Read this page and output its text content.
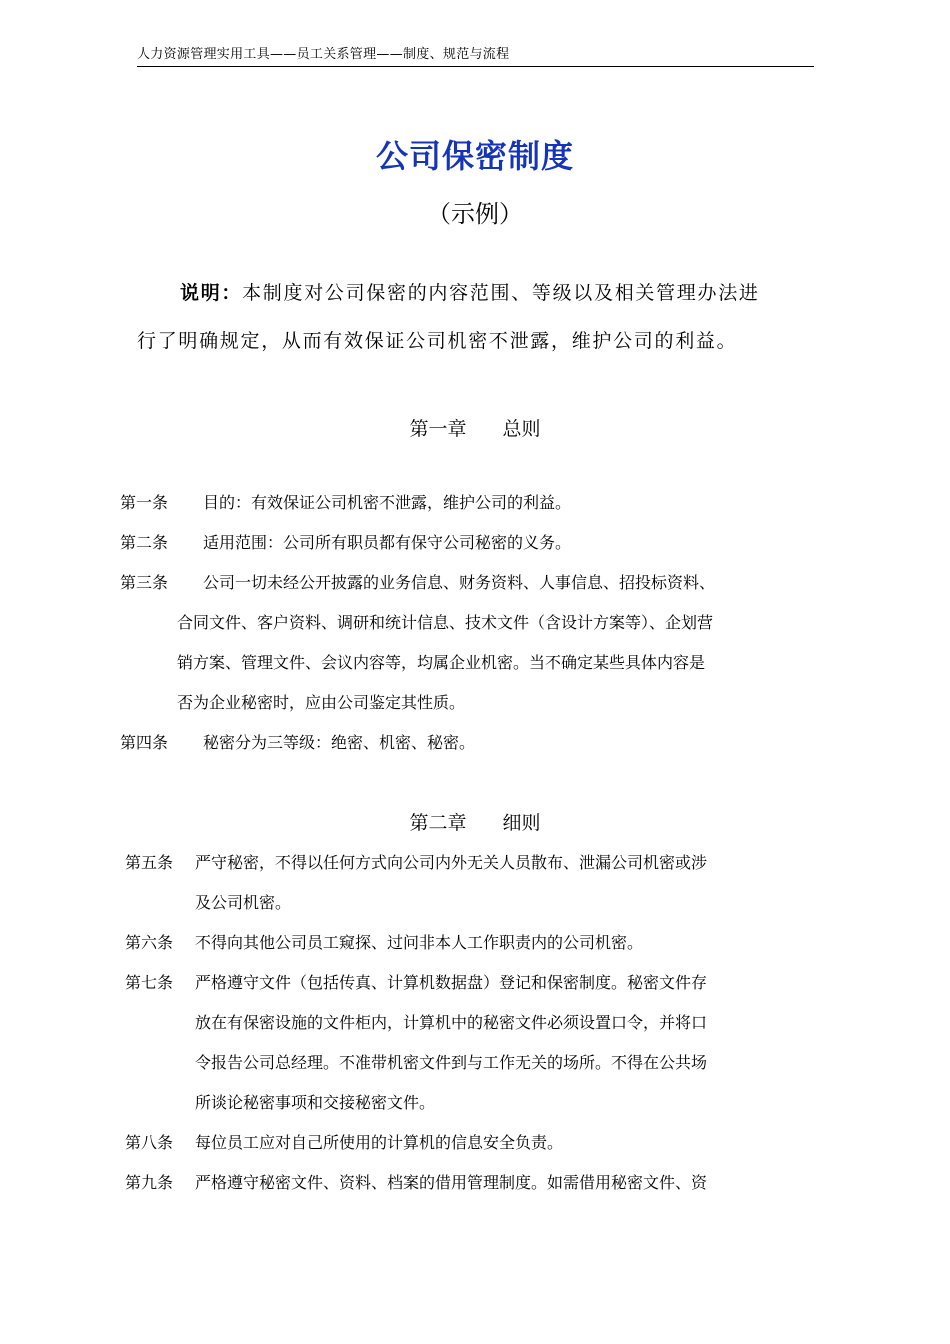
人力资源管理实用工具——员工关系管理——制度、规范与流程
公司保密制度
（示例）
说明：本制度对公司保密的内容范围、等级以及相关管理办法进
行了明确规定，从而有效保证公司机密不泄露，维护公司的利益。
第一章 总则
第一条 目的：有效保证公司机密不泄露，维护公司的利益。
第二条 适用范围：公司所有职员都有保守公司秘密的义务。
第三条 公司一切未经公开披露的业务信息、财务资料、人事信息、招投标资料、
合同文件、客户资料、调研和统计信息、技术文件（含设计方案等）、企划营
销方案、管理文件、会议内容等，均属企业机密。当不确定某些具体内容是
否为企业秘密时，应由公司鉴定其性质。
第四条 秘密分为三等级：绝密、机密、秘密。
第二章 细则
第五条 严守秘密，不得以任何方式向公司内外无关人员散布、泄漏公司机密或涉
及公司机密。
第六条 不得向其他公司员工窥探、过问非本人工作职责内的公司机密。
第七条 严格遵守文件（包括传真、计算机数据盘）登记和保密制度。秘密文件存
放在有保密设施的文件柜内，计算机中的秘密文件必须设置口令，并将口
令报告公司总经理。不准带机密文件到与工作无关的场所。不得在公共场
所谈论秘密事项和交接秘密文件。
第八条 每位员工应对自己所使用的计算机的信息安全负责。
第九条 严格遵守秘密文件、资料、档案的借用管理制度。如需借用秘密文件、资
